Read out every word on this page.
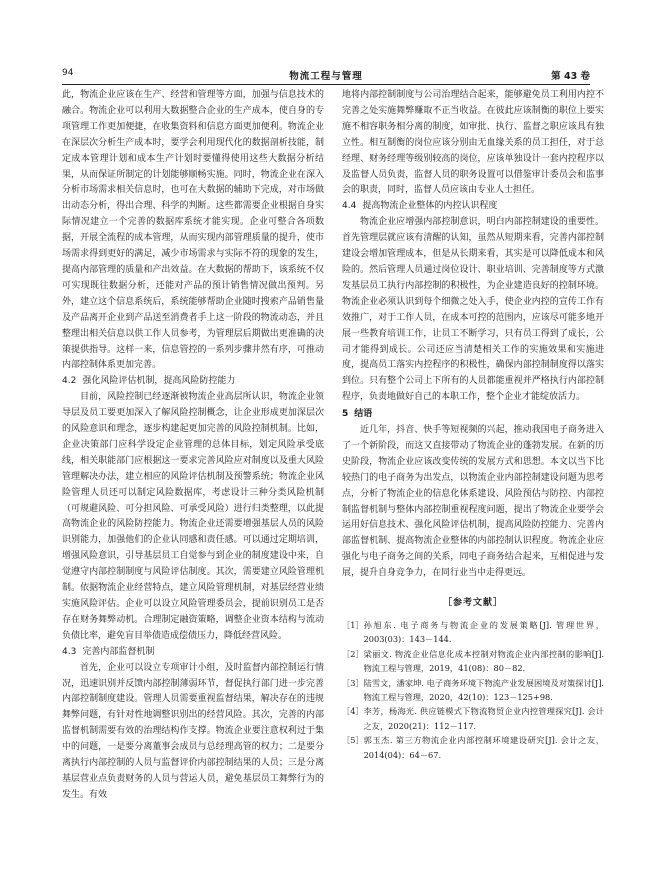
94	物流工程与管理	第 43 卷

此，物流企业应该在生产、经营和管理等方面，加强与信息技术的融合。物流企业可以利用大数据整合企业的生产成本，使自身的专项管理工作更加便捷，在收集资料和信息方面更加便利。物流企业在深层次分析生产成本时，要学会利用现代化的数据剖析技能，制定成本管理计划和成本生产计划时要懂得使用这些大数据分析结果，从而保证所制定的计划能够顺畅实施。同时，物流企业在深入分析市场需求相关信息时，也可在大数据的辅助下完成，对市场做出动态分析，得出合理、科学的判断。这些都需要企业根据自身实际情况建立一个完善的数据库系统才能实现。企业可整合各项数据，开展全流程的成本管理，从而实现内部管理质量的提升，使市场需求得到更好的满足，减少市场需求与实际不符的现象的发生，提高内部管理的质量和产出效益。在大数据的帮助下，该系统不仅可实现既往数据分析，还能对产品的预计销售情况做出预判。另外，建立这个信息系统后，系统能够帮助企业随时搜索产品销售量及产品离开企业到产品送至消费者手上这一阶段的物流动态，并且整理出相关信息以供工作人员参考，为管理层后期做出更准确的决策提供指导。这样一来，信息管控的一系列步骤井然有序，可推动内部控制体系更加完善。

4.2 强化风险评估机制，提高风险防控能力

目前，风险控制已经逐渐被物流企业高层所认识，物流企业领导层及员工要更加深入了解风险控制概念，让企业形成更加深层次的风险意识和理念，逐步构建起更加完善的风险控制机制。比如，企业决策部门应科学设定企业管理的总体目标，划定风险承受底线，相关职能部门应根据这一要求完善风险应对制度以及重大风险管理解决办法，建立相应的风险评估机制及预警系统；物流企业风险管理人员还可以制定风险数据库，考虑设计三种分类风险机制（可规避风险、可分担风险、可承受风险）进行归类整理，以此提高物流企业的风险防控能力。物流企业还需要增强基层人员的风险识别能力，加强他们的企业认同感和责任感。可以通过定期培训，增强风险意识，引导基层员工自觉参与到企业的制度建设中来，自觉遵守内部控制制度与风险评估制度。其次，需要建立风险管理机制。依据物流企业经营特点，建立风险管理机制，对基层经营业绩实施风险评估。企业可以设立风险管理委员会，提前识别员工是否存在财务舞弊动机。合理制定融资策略，调整企业资本结构与流动负债比率，避免盲目举债造成偿债压力，降低经营风险。

4.3 完善内部监督机制

首先，企业可以设立专项审计小组，及时监督内部控制运行情况，迅速识别并反馈内部控制薄弱环节，督促执行部门进一步完善内部控制制度建设。管理人员需要重视监督结果，解决存在的违规舞弊问题，有针对性地调整识别出的经营风险。其次，完善的内部监督机制需要有效的治理结构作支撑。物流企业要注意权利过于集中的问题，一是要分离董事会成员与总经理高管的权力；二是要分离执行内部控制的人员与监督评价内部控制结果的人员；三是分离基层营业点负责财务的人员与营运人员，避免基层员工舞弊行为的发生。有效

地将内部控制制度与公司治理结合起来，能够避免员工利用内控不完善之处实施舞弊赚取不正当收益。在彼此应该制衡的职位上要实施不相容职务相分离的制度，如审批、执行、监督之职应该具有独立性。相互制衡的岗位应该分别由无血缘关系的员工担任，对于总经理、财务经理等级别较高的岗位，应该单独设计一套内控程序以及监督人员负责，监督人员的职务设置可以借鉴审计委员会和监事会的职责，同时，监督人员应该由专业人士担任。

4.4 提高物流企业整体的内控认识程度

物流企业应增强内部控制意识，明白内部控制建设的重要性。首先管理层就应该有清醒的认知，虽然从短期来看，完善内部控制建设会增加管理成本，但是从长期来看，其实是可以降低成本和风险的。然后管理人员通过岗位设计、职业培训、完善制度等方式激发基层员工执行内部控制的积极性，为企业建造良好的控制环境。物流企业必须认识到每个细微之处入手，使企业内控的宣传工作有效推广，对于工作人员，在成本可控的范围内，应该尽可能多地开展一些教育培训工作，让员工不断学习，只有员工得到了成长，公司才能得到成长。公司还应当清楚相关工作的实施效果和实施进度，提高员工落实内控程序的积极性，确保内部控制制度得以落实到位。只有整个公司上下所有的人员都能重视并严格执行内部控制程序，负责地做好自己的本职工作，整个企业才能绽放活力。

5 结语

近几年，抖音、快手等短视频的兴起，推动我国电子商务进入了一个新阶段，而这又直接带动了物流企业的蓬勃发展。在新的历史阶段，物流企业应该改变传统的发展方式和思想。本文以当下比较热门的电子商务为出发点，以物流企业内部控制建设问题为思考点，分析了物流企业的信息化体系建设、风险预估与防控、内部控制监督机制与整体内部控制重视程度问题，提出了物流企业要学会运用好信息技术、强化风险评估机制，提高风险防控能力、完善内部监督机制、提高物流企业整体的内部控制认识程度。物流企业应强化与电子商务之间的关系，同电子商务结合起来，互相促进与发展，提升自身竞争力，在同行业当中走得更远。

［参考文献］
［1］ 孙旭东. 电子商务与物流企业的发展策略[J]. 管理世界，2003(03)：143－144.
［2］ 梁丽文. 物流企业信息化成本控制对物流企业内部控制的影响[J]. 物流工程与管理，2019，41(08)：80－82.
［3］ 陆雪文，潘家坤. 电子商务环境下物流产业发展困境及对策探讨[J]. 物流工程与管理，2020，42(10)：123－125+98.
［4］ 李芳，杨海光. 供应链模式下物流物贸企业内控管理探究[J]. 会计之友，2020(21)：112－117.
［5］ 郭玉杰. 第三方物流企业内部控制环境建设研究[J]. 会计之友，2014(04)：64－67.
